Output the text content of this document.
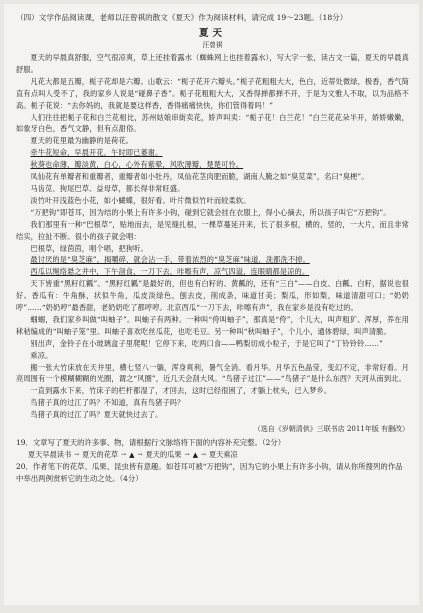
（四）文学作品阅读课，老师以汪曾祺的散文《夏天》作为阅读材料，请完成 19～23题。（18分）

夏天

汪曾祺

夏天的早晨真舒服，空气很凉爽，草上还挂着露水（蜘蛛网上也挂着露水），写大字一张，读古文一篇，夏天的早晨真舒服。

凡花大都是五瓣，栀子花却是六瓣。山歌云：“栀子花开六瓣头。”栀子花粗粗大大，色白，近蒂处微绿，极香，香气简直有点叫人受不了，我的家乡人说是“碰鼻子香”。栀子花粗粗大大，又香得掸都掸不开，于是为文雅人不取，以为品格不高。栀子花说：“去你妈的，我就是要这样香，香得痛痛快快，你们管得着吗！”

人们往往把栀子花和白兰花相比，苏州姑娘串街卖花，娇声叫卖：“栀子花！白兰花！”白兰花花朵半开，娇娇嫩嫩，如象牙白色，香气文静，但有点甜俗。

夏天的花里最为幽静的是荷花。

牵牛花短命，早晨开花，午时即已萎谢。

秋葵也命薄，瓣淡黄，白心，心外有紫晕，风吹薄瓣，楚楚可怜。

凤仙花有单瓣者和重瓣者，重瓣者如小牡丹，凤仙花茎肉肥而脆，湖南人腌之如“臭苋菜”，名曰“臭梗”。

马齿苋、狗尾巴草、益母草，都长得非常旺盛。

淡竹叶开浅蓝色小花，如小蝴蝶，很好看。叶片微似竹叶而较柔软。

“万把钩”即苍耳，因为结的小果上有许多小钩，碰到它就会挂在衣服上，得小心摘去，所以孩子叫它“万把钩”。

我们那里有一种“巴根草”，贴地而去，是见缝扎根，一棵草蔓延开来，长了很多根，横的，竖的，一大片，而且非常结实，拉扯不断。很小的孩子就会唱：

巴根草，绿茵茵，唱个唱，把狗听。

最讨厌的是“臭芝麻”，揭嚼碎，就会沾一手，带着浓烈的“臭芝麻”味道，洗都洗不掉。

西瓜以绳络悬之井中，下午剖食，一刀下去，咔嚓有声，凉气四溢，连眼睛都是凉的。

天下皆重“黑籽红瓤”。“黑籽红瓤”是最好的，但也有白籽的、黄瓤的，还有“三白”——白皮、白瓤、白籽，据说也很好。香瓜有：牛角酥，状似牛角，瓜皮淡绿色，刨去皮，削成条，味道甘美；梨瓜，形如梨，味道清甜可口；“奶奶哼”……“奶奶哼”最香甜，老奶奶吃了都哼哼。北京西瓜“一刀下去，咔嚓有声”，我在家乡是没有吃过的。

蝈蝈，我们家乡叫做“叫蚰子”。叫蚰子有两种。一种叫“侉叫蚰子”，那真是“侉”，个儿大，叫声粗犷、浑厚，养在用秫秸编成的“叫蚰子笼”里。叫蚰子喜欢吃丝瓜花，也吃毛豆。另一种叫“秋叫蚰子”，个儿小，通体碧绿，叫声清脆。

别出声，金铃子在小玻璃盒子里爬呢！它停下来，吃两口食——鸭梨切成小粒子，于是它叫了“丁铃铃铃……”

乘凉。

搬一张大竹床放在天井里，横七竖八一躺，浑身爽利，暑气全消。看月华。月华五色晶莹，变幻不定，非常好看。月亮周围有一个模糊糊糊的光圈，谓之“风圈”，近几天会刮大风。“鸟猪子过江”——“鸟猪子”是什么东西？天河从南到北。

一直到露水下来，竹床子的栏杆都湿了，才回去，这时已经很困了，才躺上枕头，已入梦乡。

鸟猪子真的过江了吗？不知道，真有鸟猪子吗？

鸟猪子真的过江了吗？夏天就快过去了。

（选自《岁朝清供》三联书店 2011年版 有删改）

19．文章写了夏天的许多事、物，请根据行文脉络将下面的内容补充完整。（2分）

夏天早晨读书 → 夏天的花草 → ▲ → 夏天的瓜果 → ▲ → 夏天乘凉

20．作者笔下的花草、瓜果、昆虫皆有意趣。如苍耳可被“万把钩”，因为它的小果上有许多小钩，请从你所搜列的作品中举出两例赏析它的生动之处。（4分）
